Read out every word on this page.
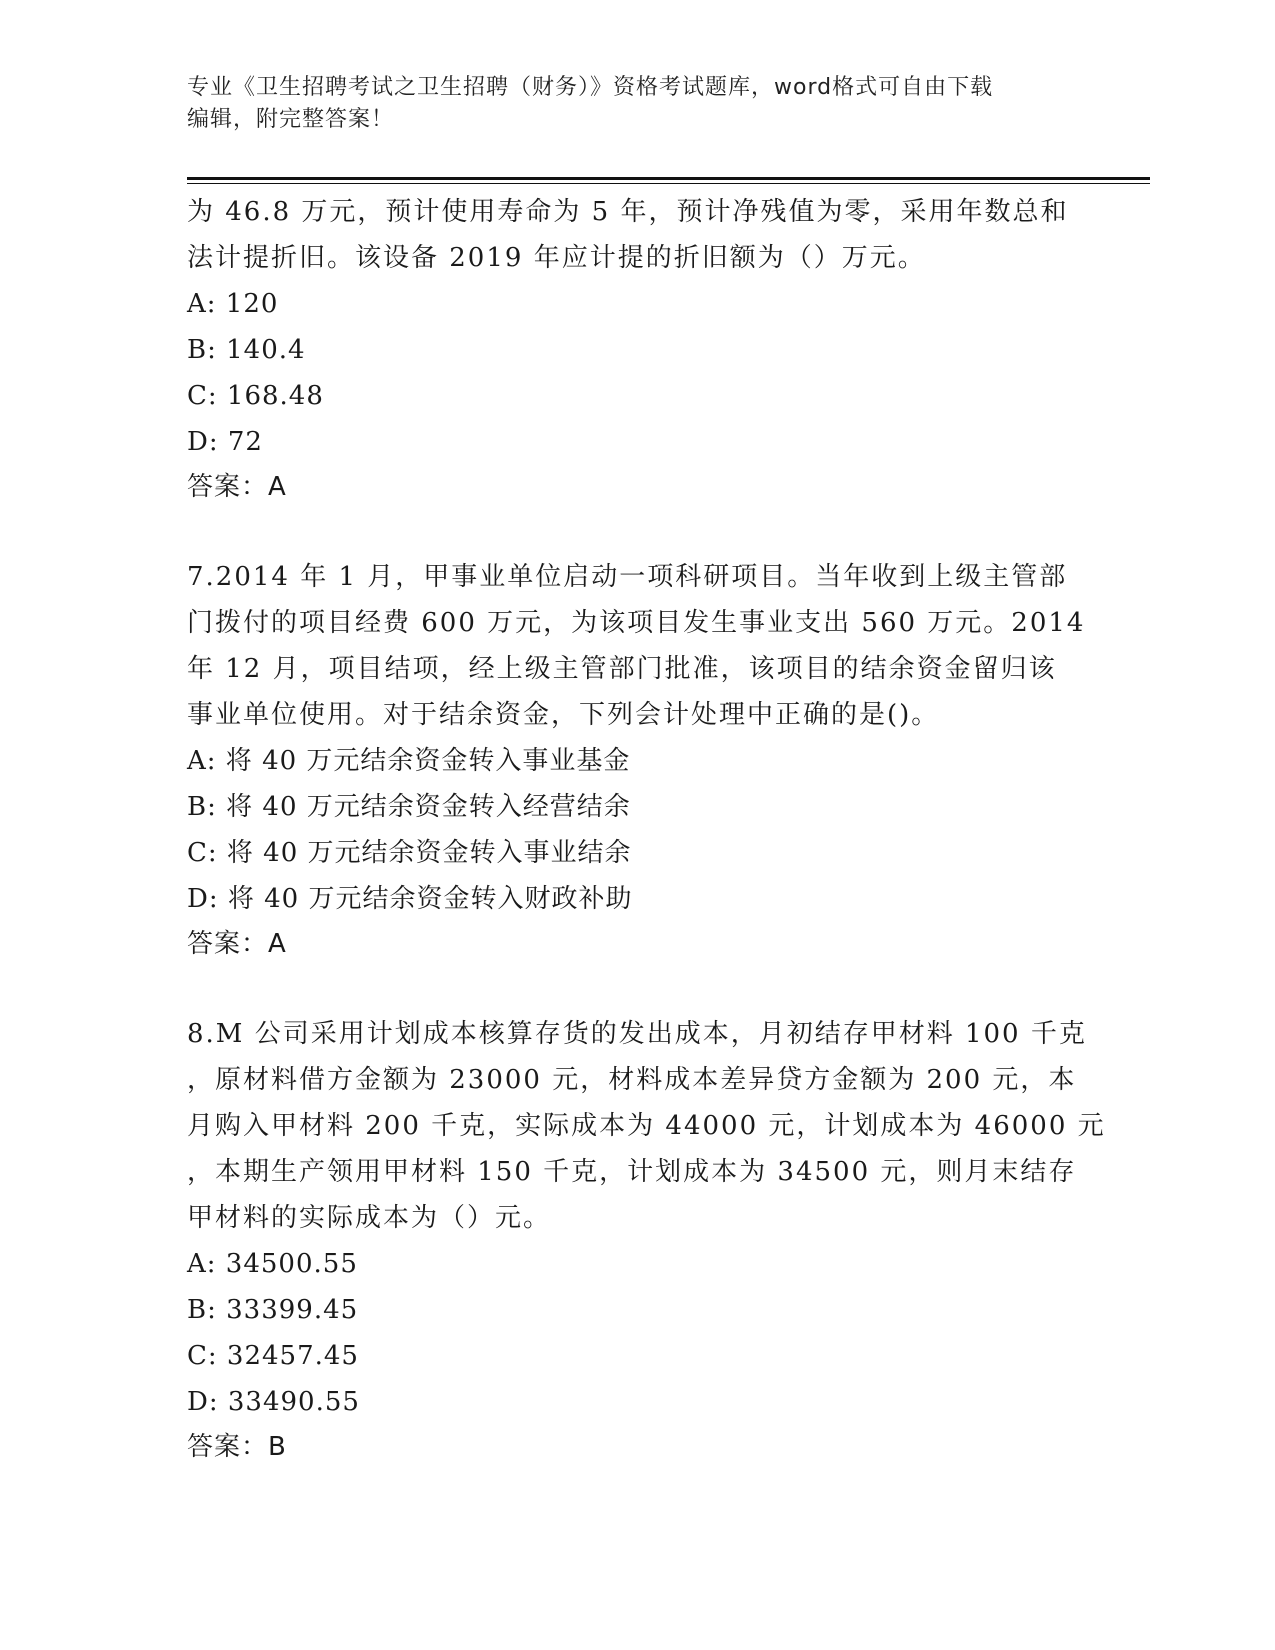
专业《卫生招聘考试之卫生招聘（财务）》资格考试题库，word格式可自由下载
编辑，附完整答案！
为 46.8 万元，预计使用寿命为 5 年，预计净残值为零，采用年数总和
法计提折旧。该设备 2019 年应计提的折旧额为（）万元。
A: 120
B: 140.4
C: 168.48
D: 72
答案：A
7.2014 年 1 月，甲事业单位启动一项科研项目。当年收到上级主管部
门拨付的项目经费 600 万元，为该项目发生事业支出 560 万元。2014
年 12 月，项目结项，经上级主管部门批准，该项目的结余资金留归该
事业单位使用。对于结余资金，下列会计处理中正确的是()。
A: 将 40 万元结余资金转入事业基金
B: 将 40 万元结余资金转入经营结余
C: 将 40 万元结余资金转入事业结余
D: 将 40 万元结余资金转入财政补助
答案：A
8.M 公司采用计划成本核算存货的发出成本，月初结存甲材料 100 千克
，原材料借方金额为 23000 元，材料成本差异贷方金额为 200 元，本
月购入甲材料 200 千克，实际成本为 44000 元，计划成本为 46000 元
，本期生产领用甲材料 150 千克，计划成本为 34500 元，则月末结存
甲材料的实际成本为（）元。
A: 34500.55
B: 33399.45
C: 32457.45
D: 33490.55
答案：B
